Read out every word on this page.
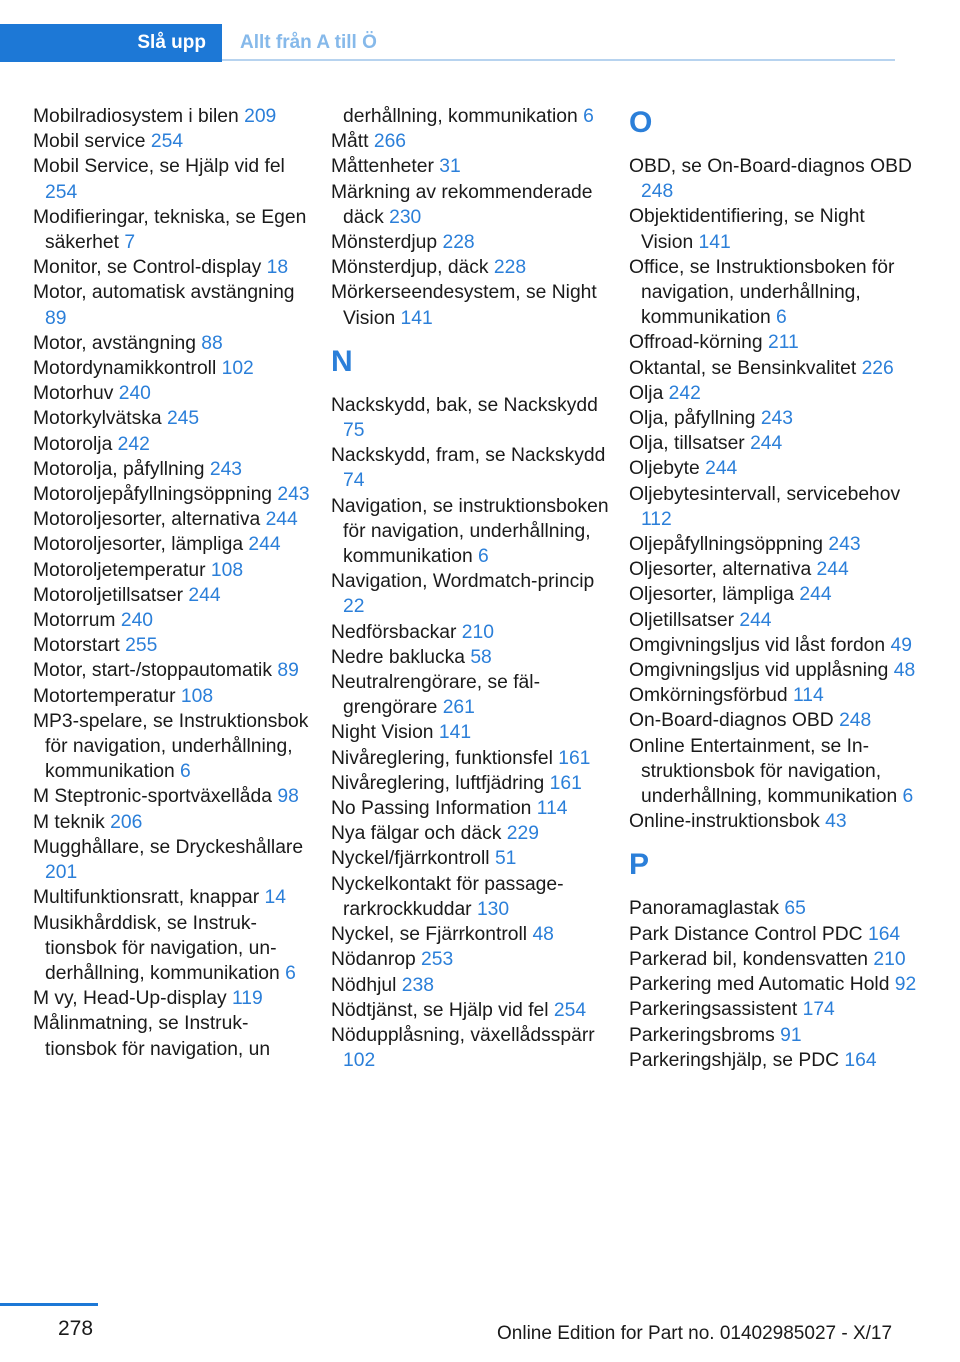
Slå upp	Allt från A till Ö
Mobilradiosystem i bilen 209
Mobil service 254
Mobil Service, se Hjälp vid fel 254
Modifieringar, tekniska, se Egen säkerhet 7
Monitor, se Control-display 18
Motor, automatisk avstängning 89
Motor, avstängning 88
Motordynamikkontroll 102
Motorhuv 240
Motorkylvätska 245
Motorolja 242
Motorolja, påfyllning 243
Motoroljepåfyllningsöppning 243
Motoroljesorter, alternativa 244
Motoroljesorter, lämpliga 244
Motoroljetemperatur 108
Motoroljetillsatser 244
Motorrum 240
Motorstart 255
Motor, start-/stoppautomatik 89
Motortemperatur 108
MP3-spelare, se Instruktionsbok för navigation, underhållning, kommunikation 6
M Steptronic-sportväxellåda 98
M teknik 206
Mugghållare, se Dryckeshållare 201
Multifunktionsratt, knappar 14
Musikhårddisk, se Instruktionsbok för navigation, underhållning, kommunikation 6
M vy, Head-Up-display 119
Målinmatning, se Instruktionsbok för navigation, un
derhållning, kommunikation 6
Mått 266
Måttenheter 31
Märkning av rekommenderade däck 230
Mönsterdjup 228
Mönsterdjup, däck 228
Mörkerseendesystem, se Night Vision 141
N
Nackskydd, bak, se Nackskydd 75
Nackskydd, fram, se Nackskydd 74
Navigation, se instruktionsboken för navigation, underhållning, kommunikation 6
Navigation, Wordmatch-princip 22
Nedförsbackar 210
Nedre baklucka 58
Neutralrengörare, se fälgrengörare 261
Night Vision 141
Nivåreglering, funktionsfel 161
Nivåreglering, luftfjädring 161
No Passing Information 114
Nya fälgar och däck 229
Nyckel/fjärrkontroll 51
Nyckelkontakt för passagerarkrockkuddar 130
Nyckel, se Fjärrkontroll 48
Nödanrop 253
Nödhjul 238
Nödtjänst, se Hjälp vid fel 254
Nödupplåsning, växellådsspärr 102
O
OBD, se On-Board-diagnos OBD 248
Objektidentifiering, se Night Vision 141
Office, se Instruktionsboken för navigation, underhållning, kommunikation 6
Offroad-körning 211
Oktantal, se Bensinkvalitet 226
Olja 242
Olja, påfyllning 243
Olja, tillsatser 244
Oljebyte 244
Oljebytesintervall, servicebehov 112
Oljepåfyllningsöppning 243
Oljesorter, alternativa 244
Oljesorter, lämpliga 244
Oljetillsatser 244
Omgivningsljus vid låst fordon 49
Omgivningsljus vid upplåsning 48
Omkörningsförbud 114
On-Board-diagnos OBD 248
Online Entertainment, se Instruktionsbok för navigation, underhållning, kommunikation 6
Online-instruktionsbok 43
P
Panoramaglastak 65
Park Distance Control PDC 164
Parkerad bil, kondensvatten 210
Parkering med Automatic Hold 92
Parkeringsassistent 174
Parkeringsbroms 91
Parkeringshjälp, se PDC 164
278	Online Edition for Part no. 01402985027 - X/17
